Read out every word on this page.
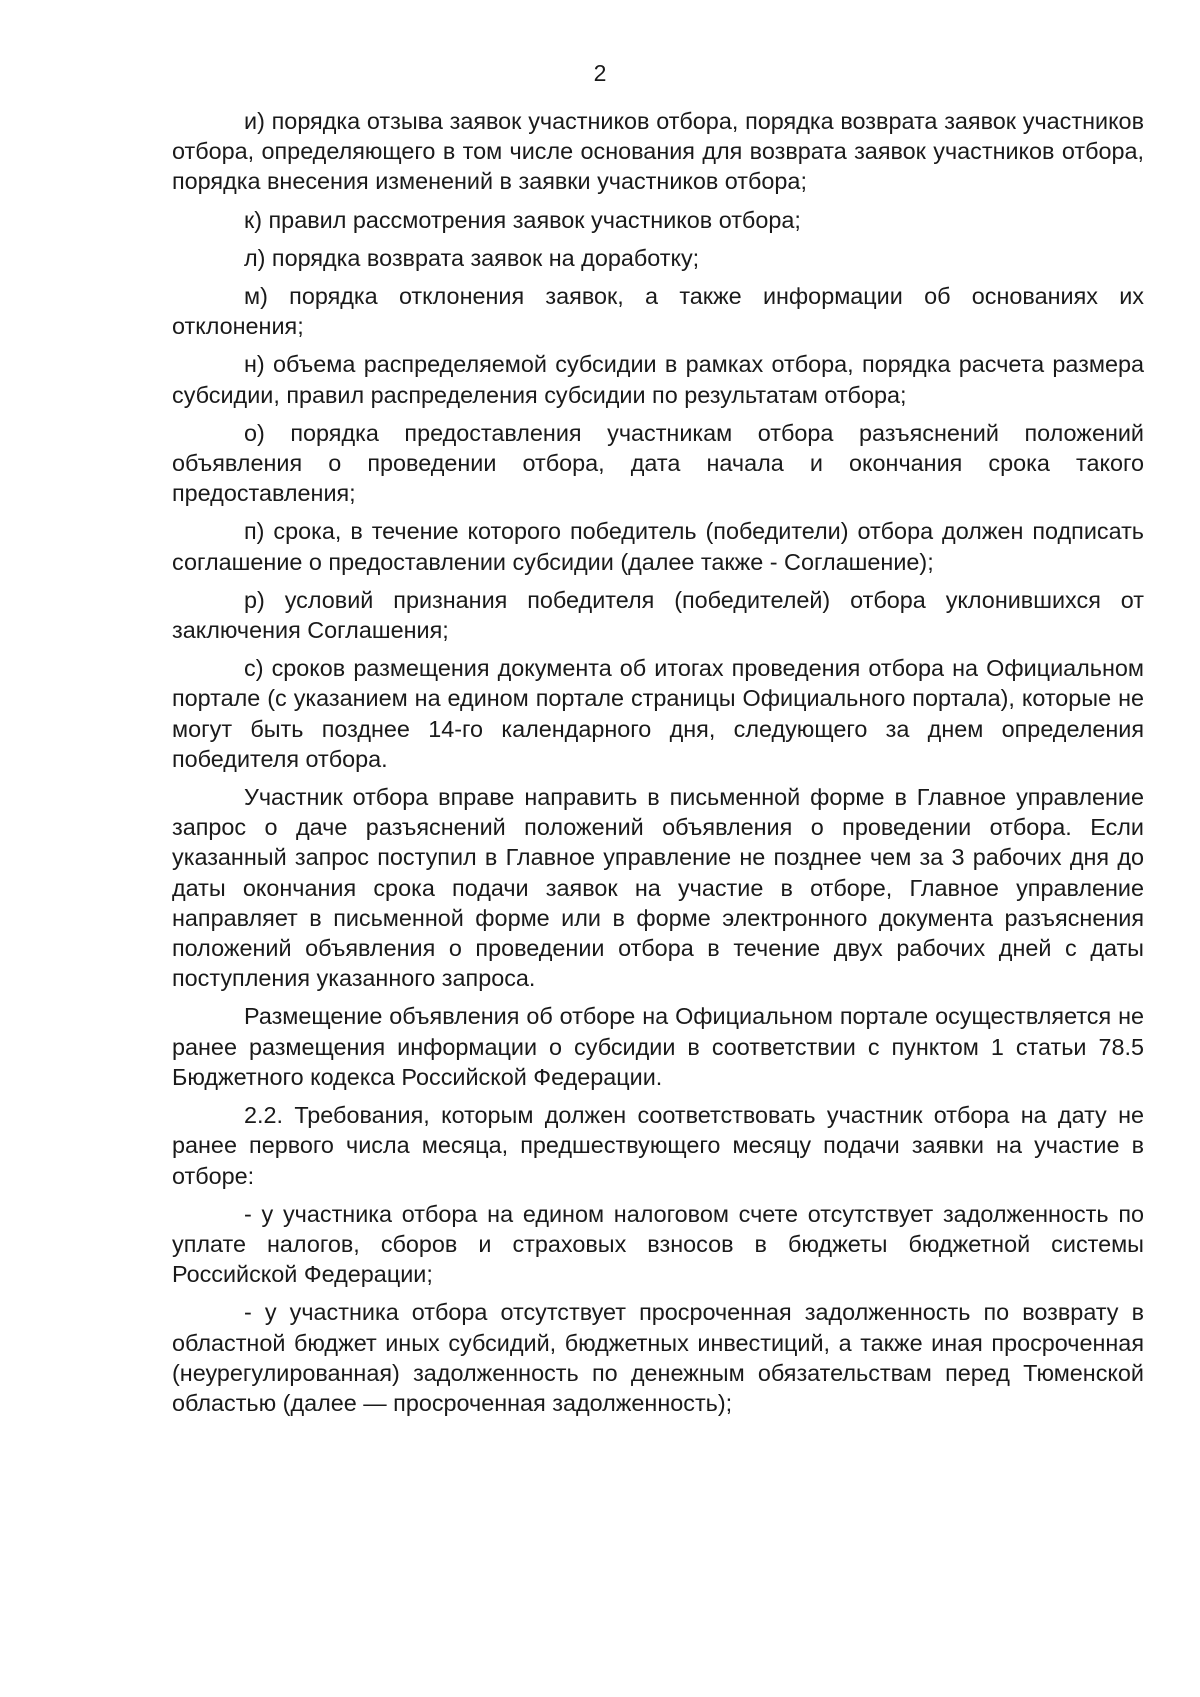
2

и) порядка отзыва заявок участников отбора, порядка возврата заявок участников отбора, определяющего в том числе основания для возврата заявок участников отбора, порядка внесения изменений в заявки участников отбора;

к) правил рассмотрения заявок участников отбора;

л) порядка возврата заявок на доработку;

м) порядка отклонения заявок, а также информации об основаниях их отклонения;

н) объема распределяемой субсидии в рамках отбора, порядка расчета размера субсидии, правил распределения субсидии по результатам отбора;

о) порядка предоставления участникам отбора разъяснений положений объявления о проведении отбора, дата начала и окончания срока такого предоставления;

п) срока, в течение которого победитель (победители) отбора должен подписать соглашение о предоставлении субсидии (далее также - Соглашение);

р) условий признания победителя (победителей) отбора уклонившихся от заключения Соглашения;

с) сроков размещения документа об итогах проведения отбора на Официальном портале (с указанием на едином портале страницы Официального портала), которые не могут быть позднее 14-го календарного дня, следующего за днем определения победителя отбора.

Участник отбора вправе направить в письменной форме в Главное управление запрос о даче разъяснений положений объявления о проведении отбора. Если указанный запрос поступил в Главное управление не позднее чем за 3 рабочих дня до даты окончания срока подачи заявок на участие в отборе, Главное управление направляет в письменной форме или в форме электронного документа разъяснения положений объявления о проведении отбора в течение двух рабочих дней с даты поступления указанного запроса.

Размещение объявления об отборе на Официальном портале осуществляется не ранее размещения информации о субсидии в соответствии с пунктом 1 статьи 78.5 Бюджетного кодекса Российской Федерации.

2.2. Требования, которым должен соответствовать участник отбора на дату не ранее первого числа месяца, предшествующего месяцу подачи заявки на участие в отборе:

- у участника отбора на едином налоговом счете отсутствует задолженность по уплате налогов, сборов и страховых взносов в бюджеты бюджетной системы Российской Федерации;

- у участника отбора отсутствует просроченная задолженность по возврату в областной бюджет иных субсидий, бюджетных инвестиций, а также иная просроченная (неурегулированная) задолженность по денежным обязательствам перед Тюменской областью (далее — просроченная задолженность);
